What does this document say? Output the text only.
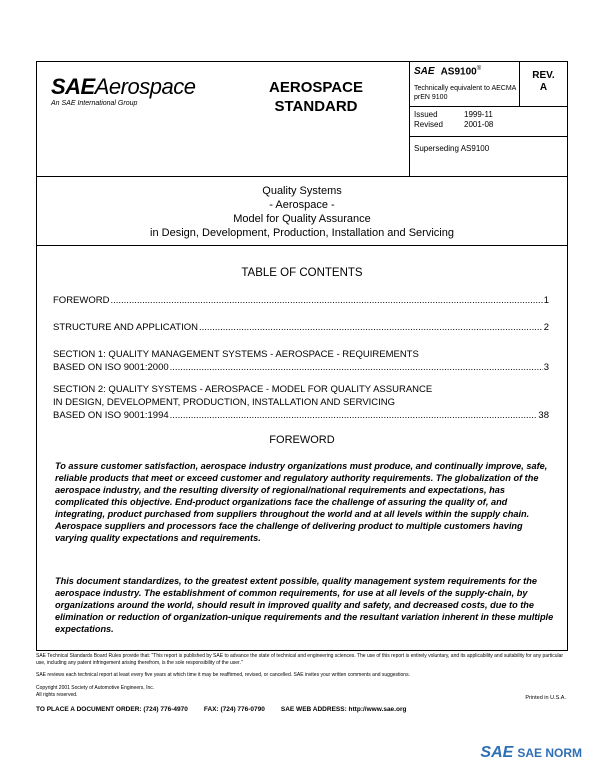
SAEAerospace
An SAE International Group
AEROSPACE
STANDARD
SAE AS9100®
Technically equivalent to AECMA prEN 9100
Issued	1999-11
Revised	2001-08
Superseding AS9100
REV.
A
Quality Systems
- Aerospace -
Model for Quality Assurance
in Design, Development, Production, Installation and Servicing
TABLE OF CONTENTS
FOREWORD .....	1
STRUCTURE AND APPLICATION .....	2
SECTION 1: QUALITY MANAGEMENT SYSTEMS - AEROSPACE - REQUIREMENTS
BASED ON ISO 9001:2000 .....	3
SECTION 2: QUALITY SYSTEMS - AEROSPACE - MODEL FOR QUALITY ASSURANCE
IN DESIGN, DEVELOPMENT, PRODUCTION, INSTALLATION AND SERVICING
BASED ON ISO 9001:1994 .....	38
FOREWORD
To assure customer satisfaction, aerospace industry organizations must produce, and continually improve, safe, reliable products that meet or exceed customer and regulatory authority requirements. The globalization of the aerospace industry, and the resulting diversity of regional/national requirements and expectations, has complicated this objective. End-product organizations face the challenge of assuring the quality of, and integrating, product purchased from suppliers throughout the world and at all levels within the supply chain. Aerospace suppliers and processors face the challenge of delivering product to multiple customers having varying quality expectations and requirements.
This document standardizes, to the greatest extent possible, quality management system requirements for the aerospace industry. The establishment of common requirements, for use at all levels of the supply-chain, by organizations around the world, should result in improved quality and safety, and decreased costs, due to the elimination or reduction of organization-unique requirements and the resultant variation inherent in these multiple expectations.
SAE Technical Standards Board Rules provide that: "This report is published by SAE to advance the state of technical and engineering sciences. The use of this report is entirely voluntary, and its applicability and suitability for any particular use, including any patent infringement arising therefrom, is the sole responsibility of the user."
SAE reviews each technical report at least every five years at which time it may be reaffirmed, revised, or cancelled. SAE invites your written comments and suggestions.
Copyright 2001 Society of Automotive Engineers, Inc.
All rights reserved.	Printed in U.S.A.
TO PLACE A DOCUMENT ORDER: (724) 776-4970 FAX: (724) 776-0790 SAE WEB ADDRESS: http://www.sae.org
SAE SAE NORM
